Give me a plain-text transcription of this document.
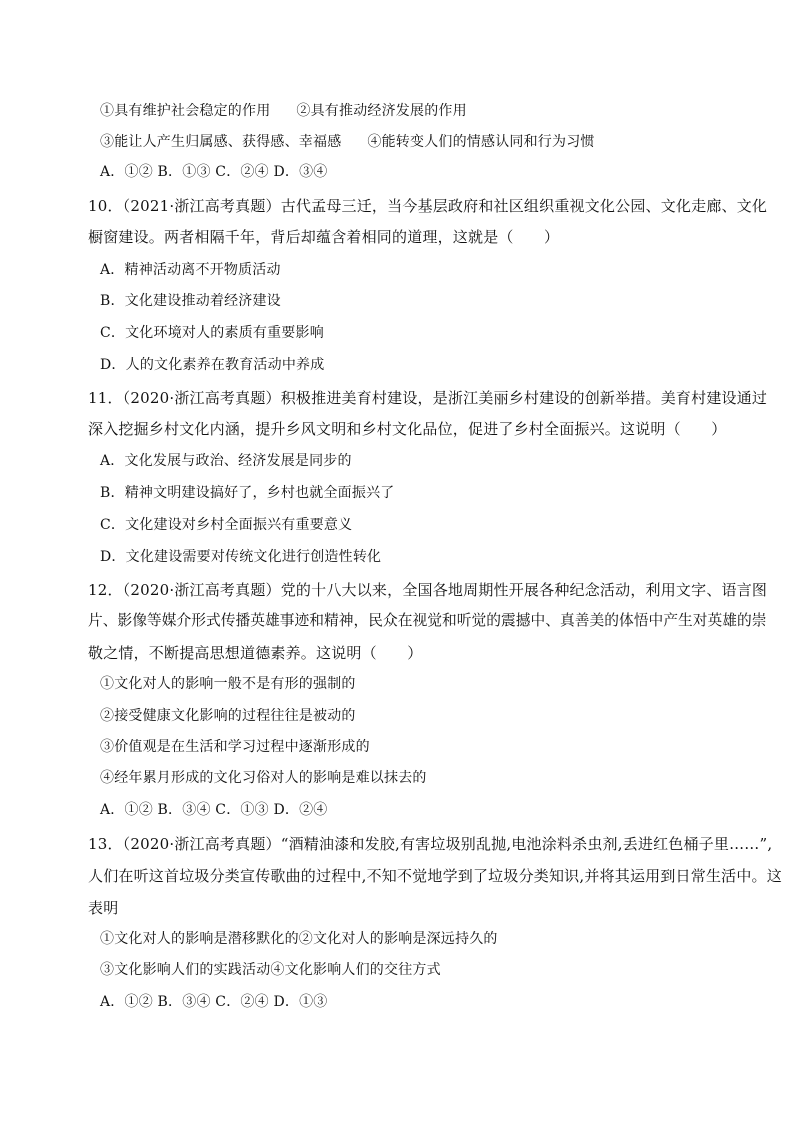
①具有维护社会稳定的作用 ②具有推动经济发展的作用
③能让人产生归属感、获得感、幸福感 ④能转变人们的情感认同和行为习惯
A．①② B．①③ C．②④ D．③④
10．（2021·浙江高考真题）古代孟母三迁，当今基层政府和社区组织重视文化公园、文化走廊、文化
橱窗建设。两者相隔千年，背后却蕴含着相同的道理，这就是（　　）
A．精神活动离不开物质活动
B．文化建设推动着经济建设
C．文化环境对人的素质有重要影响
D．人的文化素养在教育活动中养成
11．（2020·浙江高考真题）积极推进美育村建设，是浙江美丽乡村建设的创新举措。美育村建设通过
深入挖掘乡村文化内涵，提升乡风文明和乡村文化品位，促进了乡村全面振兴。这说明（　　）
A．文化发展与政治、经济发展是同步的
B．精神文明建设搞好了，乡村也就全面振兴了
C．文化建设对乡村全面振兴有重要意义
D．文化建设需要对传统文化进行创造性转化
12．（2020·浙江高考真题）党的十八大以来，全国各地周期性开展各种纪念活动，利用文字、语言图
片、影像等媒介形式传播英雄事迹和精神，民众在视觉和听觉的震撼中、真善美的体悟中产生对英雄的崇
敬之情，不断提高思想道德素养。这说明（　　）
①文化对人的影响一般不是有形的强制的
②接受健康文化影响的过程往往是被动的
③价值观是在生活和学习过程中逐渐形成的
④经年累月形成的文化习俗对人的影响是难以抹去的
A．①② B．③④ C．①③ D．②④
13．（2020·浙江高考真题）“酒精油漆和发胶,有害垃圾别乱抛,电池涂料杀虫剂,丢进红色桶子里……”,
人们在听这首垃圾分类宣传歌曲的过程中,不知不觉地学到了垃圾分类知识,并将其运用到日常生活中。这
表明
①文化对人的影响是潜移默化的②文化对人的影响是深远持久的
③文化影响人们的实践活动④文化影响人们的交往方式
A．①② B．③④ C．②④ D．①③
